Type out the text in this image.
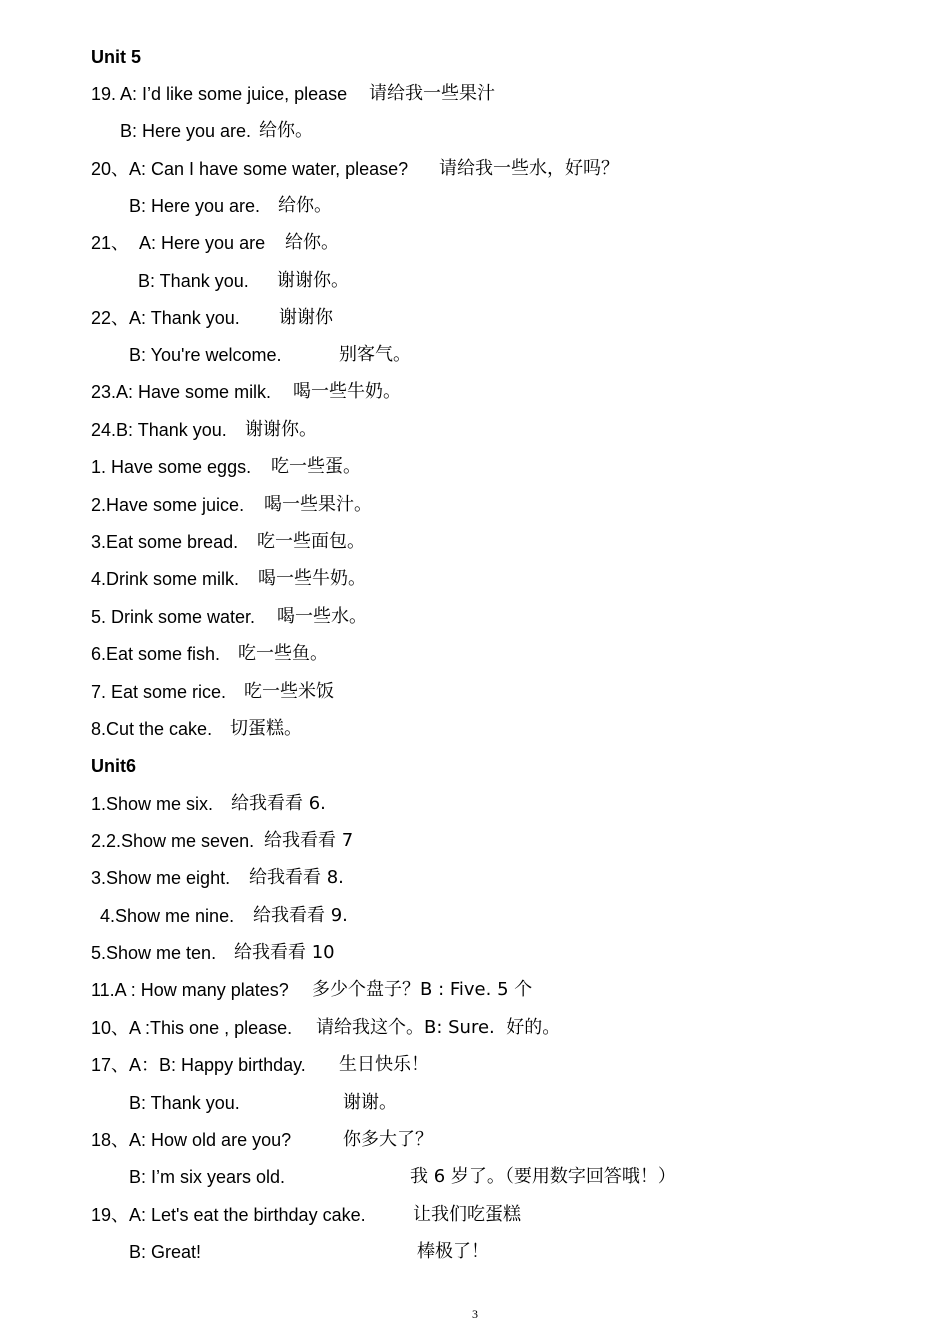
Unit 5
19. A: I’d like some juice, please 请给我一些果汁
B: Here you are. 给你。
20、A: Can I have some water, please? 请给我一些水，好吗？
B: Here you are. 给你。
21、  A: Here you are 给你。
B: Thank you. 谢谢你。
22、A: Thank you. 谢谢你
B: You're welcome.	别客气。
23.A: Have some milk. 喝一些牛奶。
24.B: Thank you. 谢谢你。
1. Have some eggs. 吃一些蛋。
2.Have some juice. 喝一些果汁。
3.Eat some bread. 吃一些面包。
4.Drink some milk. 喝一些牛奶。
5. Drink some water. 喝一些水。
6.Eat some fish. 吃一些鱼。
7. Eat some rice. 吃一些米饭
8.Cut the cake. 切蛋糕。
Unit6
1.Show me six. 给我看看 6.
2.2.Show me seven. 给我看看 7
3.Show me eight. 给我看看 8.
4.Show me nine. 给我看看 9.
5.Show me ten. 给我看看 10
11.A : How many plates? 多少个盘子？B : Five. 5 个
10、A :This one , please. 请给我这个。B: Sure.  好的。
17、A：B: Happy birthday. 生日快乐！
B: Thank you.	谢谢。
18、A: How old are you?	你多大了？
B: I’m six years old.	我 6 岁了。（要用数字回答哦！）
19、A: Let's eat the birthday cake.	让我们吃蛋糕
B: Great!	棒极了！
3
